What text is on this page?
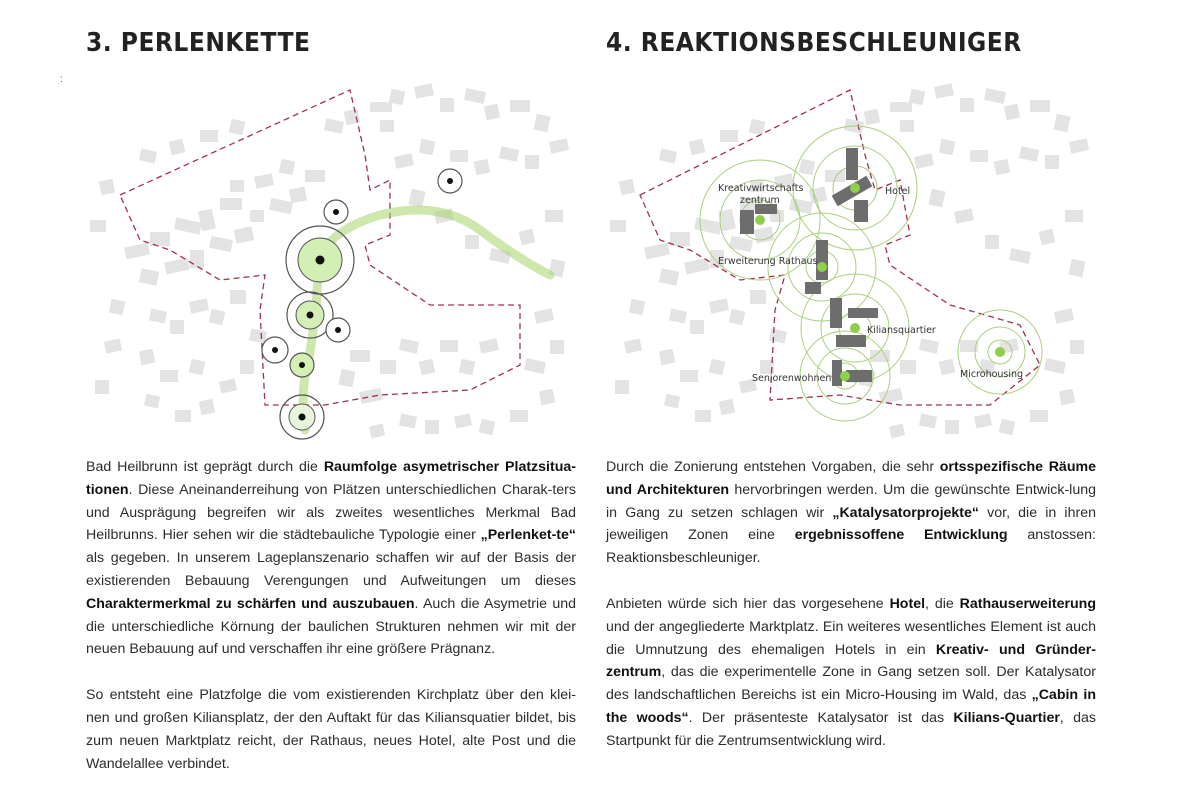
:
3. PERLENKETTE

Bad Heilbrunn ist geprägt durch die Raumfolge asymetrischer Platzsitua-tionen. Diese Aneinanderreihung von Plätzen unterschiedlichen Charak-ters und Ausprägung begreifen wir als zweites wesentliches Merkmal Bad Heilbrunns. Hier sehen wir die städtebauliche Typologie einer „Perlenket-te“ als gegeben. In unserem Lageplanszenario schaffen wir auf der Basis der existierenden Bebauung Verengungen und Aufweitungen um dieses Charaktermerkmal zu schärfen und auszubauen. Auch die Asymetrie und die unterschiedliche Körnung der baulichen Strukturen nehmen wir mit der neuen Bebauung auf und verschaffen ihr eine größere Prägnanz.

So entsteht eine Platzfolge die vom existierenden Kirchplatz über den klei-nen und großen Kiliansplatz, der den Auftakt für das Kiliansquatier bildet, bis zum neuen Marktplatz reicht, der Rathaus, neues Hotel, alte Post und die Wandelallee verbindet.

4. REAKTIONSBESCHLEUNIGER
Kreativwirtschafts
zentrum
Hotel
Erweiterung Rathaus
Kiliansquartier
Seniorenwohnen	Microhousing

Durch die Zonierung entstehen Vorgaben, die sehr ortsspezifische Räume und Architekturen hervorbringen werden. Um die gewünschte Entwick-lung in Gang zu setzen schlagen wir „Katalysatorprojekte“ vor, die in ihren jeweiligen Zonen eine ergebnissoffene Entwicklung anstossen: Reaktionsbeschleuniger.

Anbieten würde sich hier das vorgesehene Hotel, die Rathauserweiterung und der angegliederte Marktplatz. Ein weiteres wesentliches Element ist auch die Umnutzung des ehemaligen Hotels in ein Kreativ- und Gründer-zentrum, das die experimentelle Zone in Gang setzen soll. Der Katalysator des landschaftlichen Bereichs ist ein Micro-Housing im Wald, das „Cabin in the woods“. Der präsenteste Katalysator ist das Kilians-Quartier, das Startpunkt für die Zentrumsentwicklung wird.
